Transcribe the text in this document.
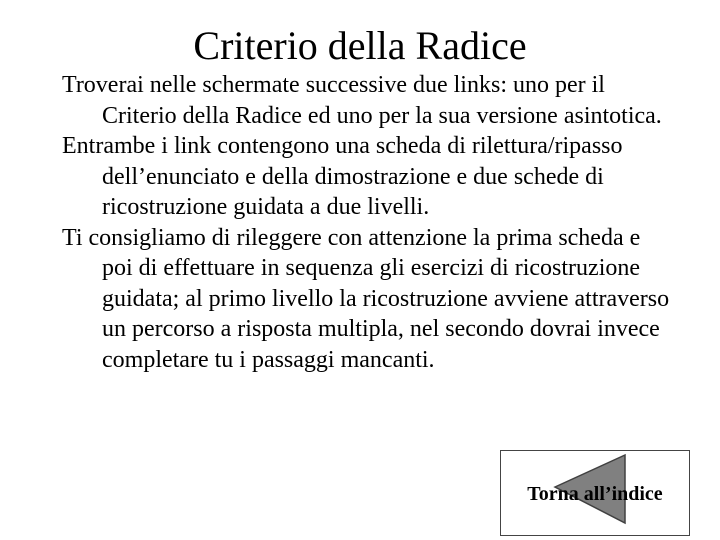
Criterio della Radice
Troverai nelle schermate successive due links: uno per il Criterio della Radice ed uno per la sua versione asintotica.
Entrambe i link contengono una scheda di rilettura/ripasso dell’enunciato e della dimostrazione e due schede di ricostruzione guidata a due livelli.
Ti consigliamo di rileggere con attenzione la prima scheda e poi di effettuare in sequenza gli esercizi di ricostruzione guidata; al primo livello la ricostruzione avviene attraverso un percorso a risposta multipla, nel secondo dovrai invece completare tu i passaggi mancanti.
Torna all’indice
